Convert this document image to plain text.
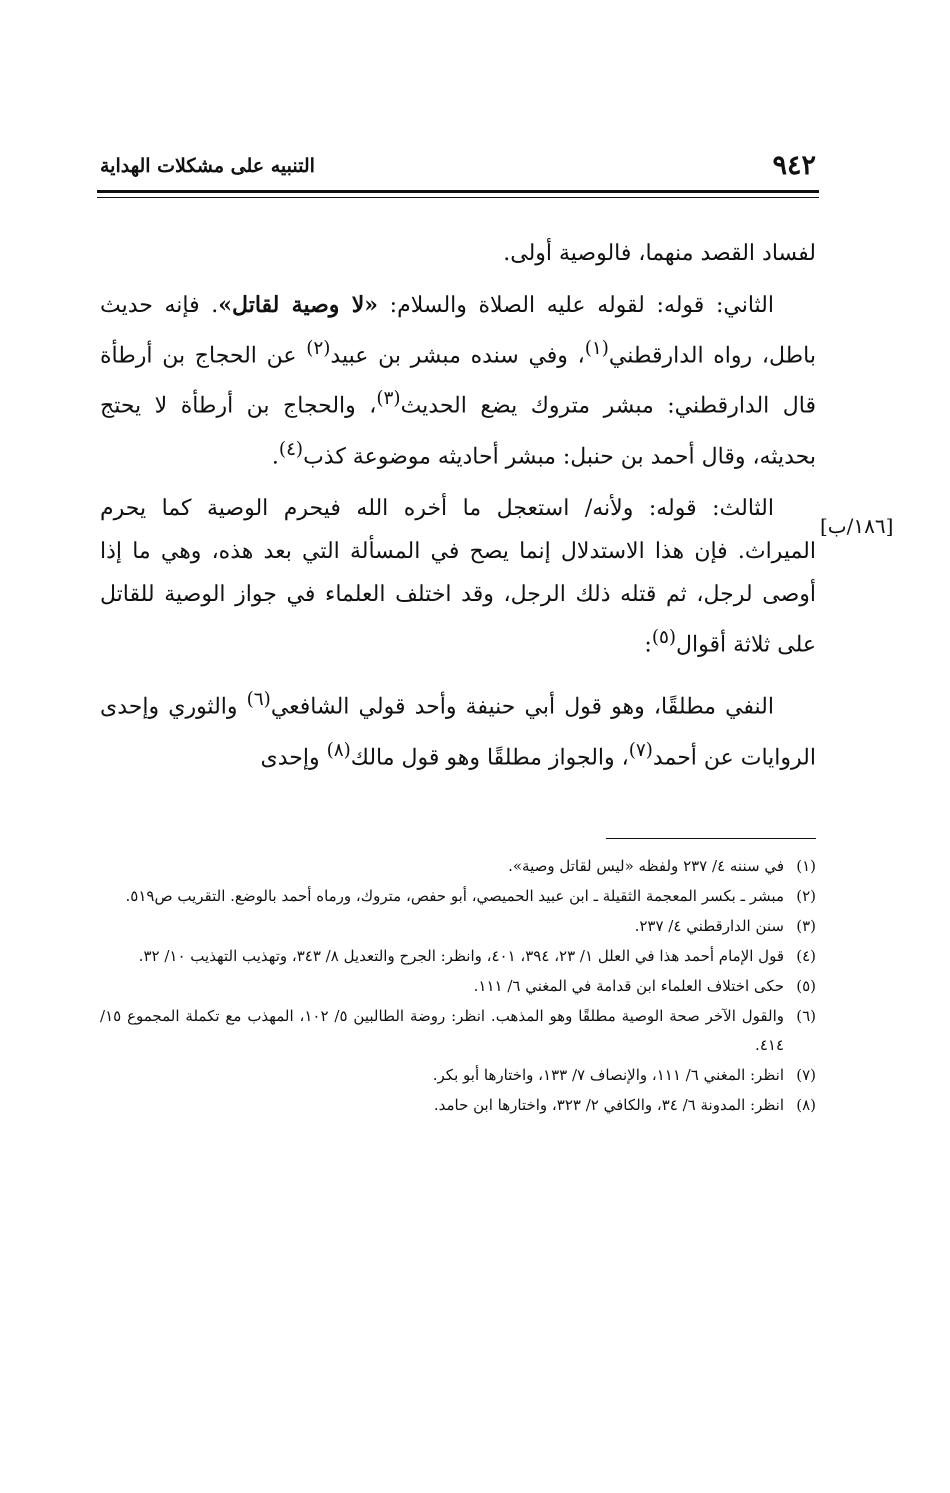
٩٤٢
التنبيه على مشكلات الهداية
[١٨٦/ب]

لفساد القصد منهما، فالوصية أولى.

الثاني: قوله: لقوله عليه الصلاة والسلام: «لا وصية لقاتل». فإنه حديث باطل، رواه الدارقطني$^{(١)}$، وفي سنده مبشر بن عبيد$^{(٢)}$ عن الحجاج بن أرطأة قال الدارقطني: مبشر متروك يضع الحديث$^{(٣)}$، والحجاج بن أرطأة لا يحتج بحديثه، وقال أحمد بن حنبل: مبشر أحاديثه موضوعة كذب$^{(٤)}$.

الثالث: قوله: ولأنه/ استعجل ما أخره الله فيحرم الوصية كما يحرم الميراث. فإن هذا الاستدلال إنما يصح في المسألة التي بعد هذه، وهي ما إذا أوصى لرجل، ثم قتله ذلك الرجل، وقد اختلف العلماء في جواز الوصية للقاتل على ثلاثة أقوال$^{(٥)}$:

النفي مطلقًا، وهو قول أبي حنيفة وأحد قولي الشافعي$^{(٦)}$ والثوري وإحدى الروايات عن أحمد$^{(٧)}$، والجواز مطلقًا وهو قول مالك$^{(٨)}$ وإحدى

(١)
في سننه ٤/ ٢٣٧ ولفظه «ليس لقاتل وصية».
(٢)
مبشر ـ بكسر المعجمة الثقيلة ـ ابن عبيد الحميصي، أبو حفص، متروك، ورماه أحمد بالوضع. التقريب ص٥١٩.
(٣)
سنن الدارقطني ٤/ ٢٣٧.
(٤)
قول الإمام أحمد هذا في العلل ١/ ٢٣، ٣٩٤، ٤٠١، وانظر: الجرح والتعديل ٨/ ٣٤٣، وتهذيب التهذيب ١٠/ ٣٢.
(٥)
حكى اختلاف العلماء ابن قدامة في المغني ٦/ ١١١.
(٦)
والقول الآخر صحة الوصية مطلقًا وهو المذهب. انظر: روضة الطالبين ٥/ ١٠٢، المهذب مع تكملة المجموع ١٥/ ٤١٤.
(٧)
انظر: المغني ٦/ ١١١، والإنصاف ٧/ ١٣٣، واختارها أبو بكر.
(٨)
انظر: المدونة ٦/ ٣٤، والكافي ٢/ ٣٢٣، واختارها ابن حامد.
